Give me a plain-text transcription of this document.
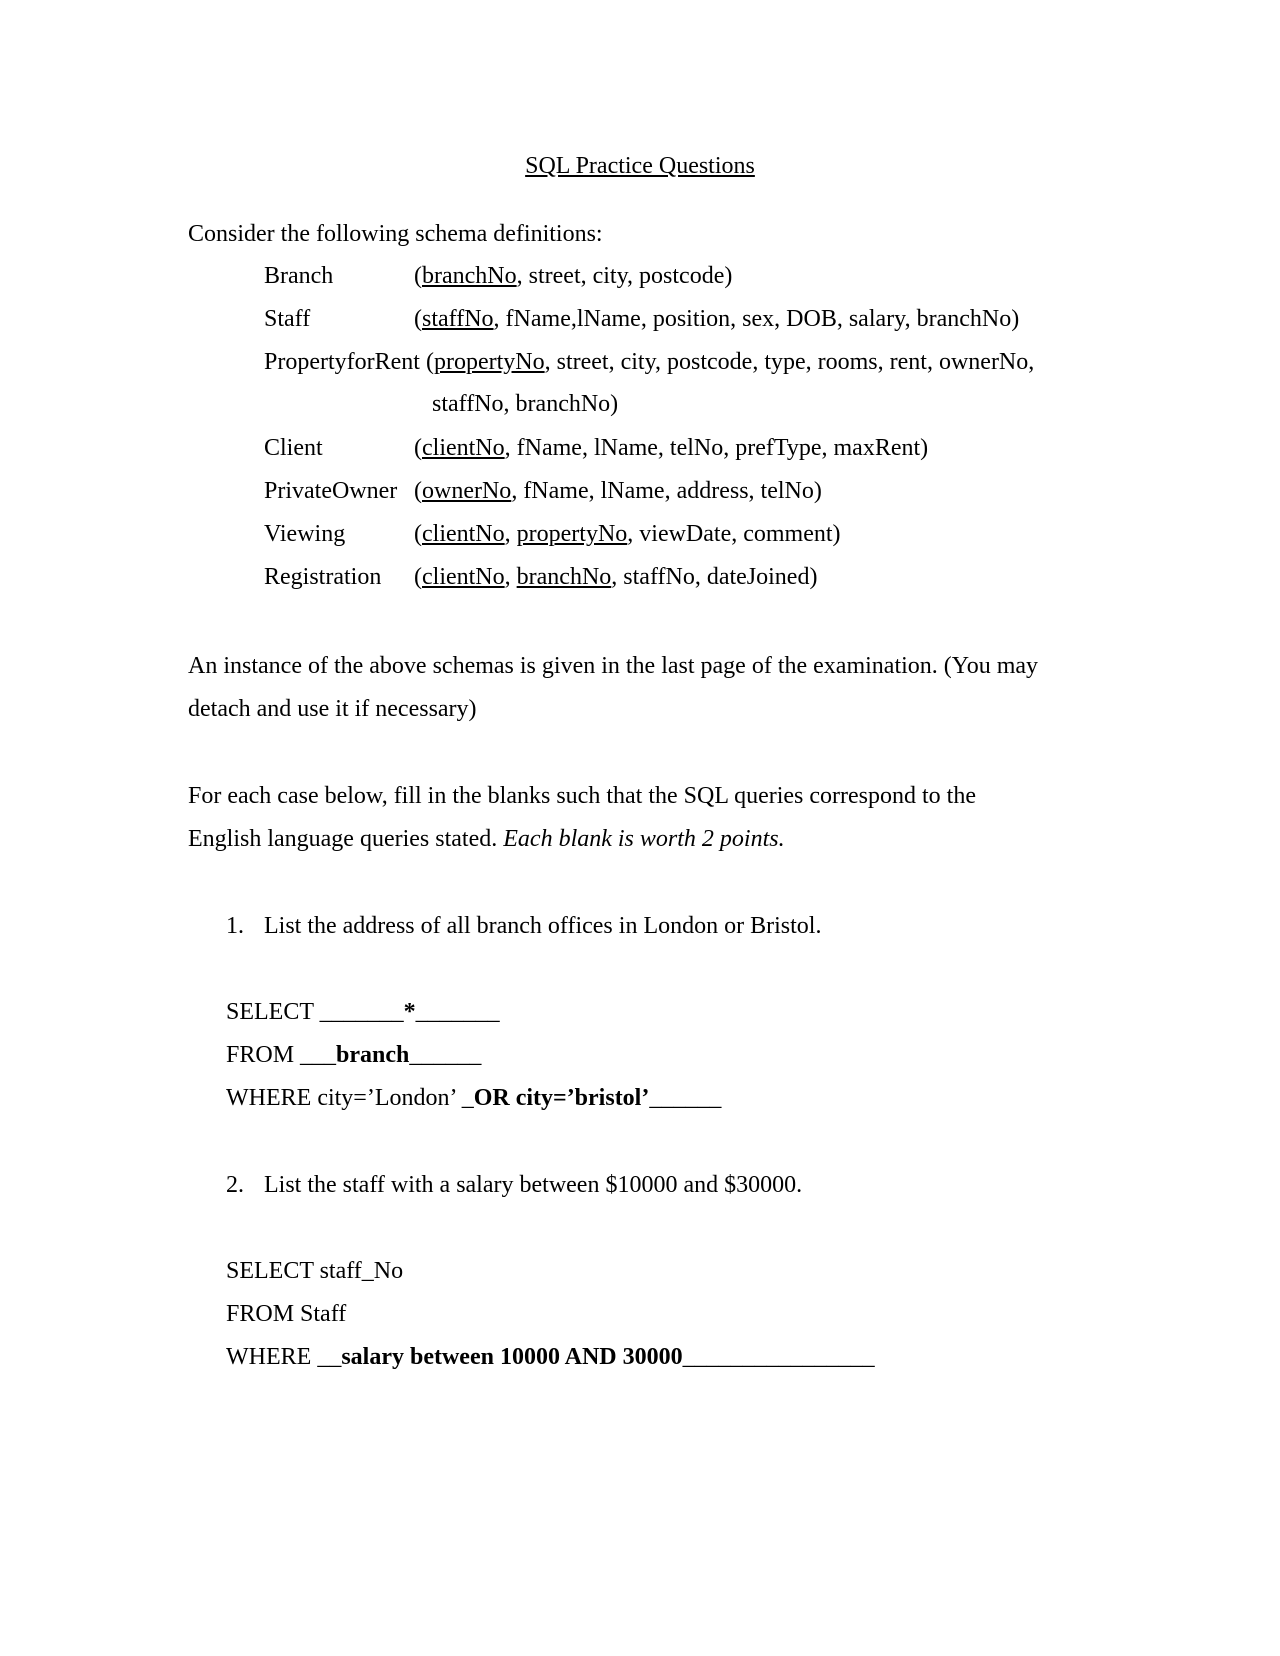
SQL Practice Questions
Consider the following schema definitions:
Branch	(branchNo, street, city, postcode)
Staff	(staffNo, fName,lName, position, sex, DOB, salary, branchNo)
PropertyforRent (propertyNo, street, city, postcode, type, rooms, rent, ownerNo,
staffNo, branchNo)
Client	(clientNo, fName, lName, telNo, prefType, maxRent)
PrivateOwner (ownerNo, fName, lName, address, telNo)
Viewing	(clientNo, propertyNo, viewDate, comment)
Registration (clientNo, branchNo, staffNo, dateJoined)
An instance of the above schemas is given in the last page of the examination. (You may
detach and use it if necessary)
For each case below, fill in the blanks such that the SQL queries correspond to the
English language queries stated. Each blank is worth 2 points.
1. List the address of all branch offices in London or Bristol.
SELECT _______*_______
FROM ___branch______
WHERE city=’London’ _OR city=’bristol’______
2. List the staff with a salary between $10000 and $30000.
SELECT staff_No
FROM Staff
WHERE __salary between 10000 AND 30000________________
